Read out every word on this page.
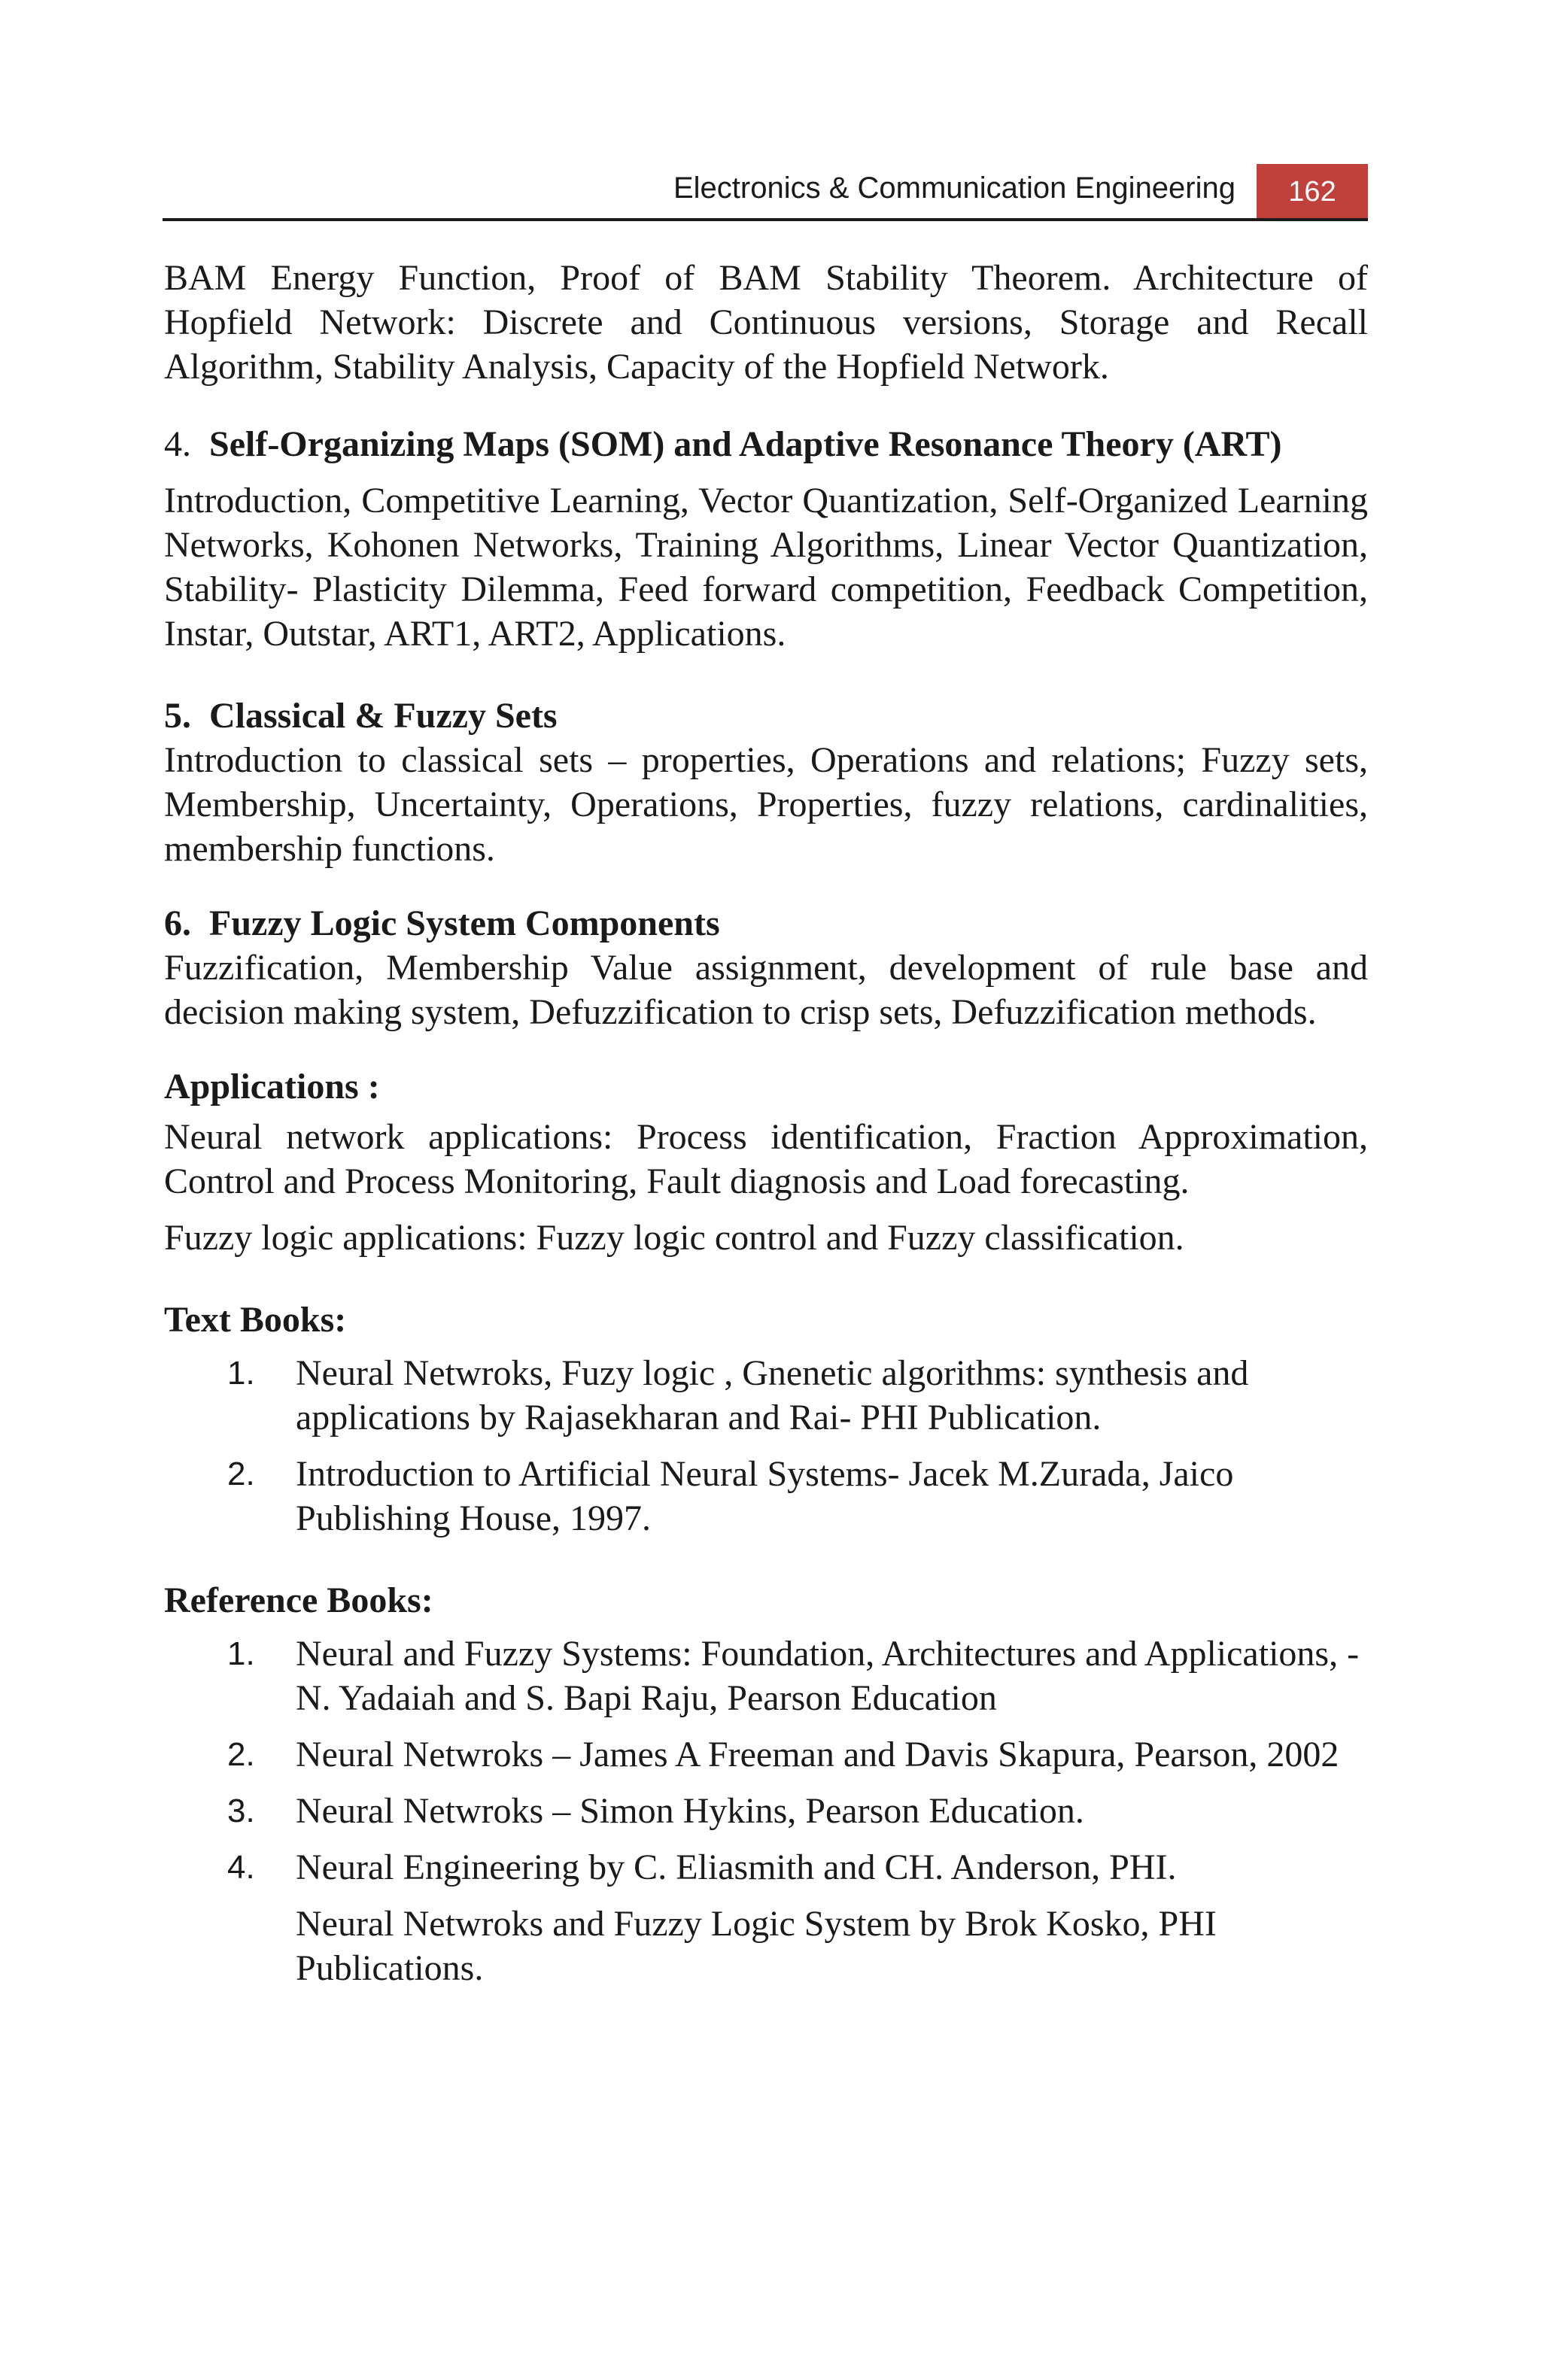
Electronics & Communication Engineering	162

BAM Energy Function, Proof of BAM Stability Theorem. Architecture of Hopfield Network: Discrete and Continuous versions, Storage and Recall Algorithm, Stability Analysis, Capacity of the Hopfield Network.

4. Self-Organizing Maps (SOM) and Adaptive Resonance Theory (ART)

Introduction, Competitive Learning, Vector Quantization, Self-Organized Learning Networks, Kohonen Networks, Training Algorithms, Linear Vector Quantization, Stability- Plasticity Dilemma, Feed forward competition, Feedback Competition, Instar, Outstar, ART1, ART2, Applications.

5. Classical & Fuzzy Sets

Introduction to classical sets – properties, Operations and relations; Fuzzy sets, Membership, Uncertainty, Operations, Properties, fuzzy relations, cardinalities, membership functions.

6. Fuzzy Logic System Components

Fuzzification, Membership Value assignment, development of rule base and decision making system, Defuzzification to crisp sets, Defuzzification methods.

Applications :

Neural network applications: Process identification, Fraction Approximation, Control and Process Monitoring, Fault diagnosis and Load forecasting.

Fuzzy logic applications: Fuzzy logic control and Fuzzy classification.

Text Books:

1. Neural Netwroks, Fuzy logic , Gnenetic algorithms: synthesis and applications by Rajasekharan and Rai- PHI Publication.
2. Introduction to Artificial Neural Systems- Jacek M.Zurada, Jaico Publishing House, 1997.

Reference Books:

1. Neural and Fuzzy Systems: Foundation, Architectures and Applications, - N. Yadaiah and S. Bapi Raju, Pearson Education
2. Neural Netwroks – James A Freeman and Davis Skapura, Pearson, 2002
3. Neural Netwroks – Simon Hykins, Pearson Education.
4. Neural Engineering by C. Eliasmith and CH. Anderson, PHI.
Neural Netwroks and Fuzzy Logic System by Brok Kosko, PHI Publications.
